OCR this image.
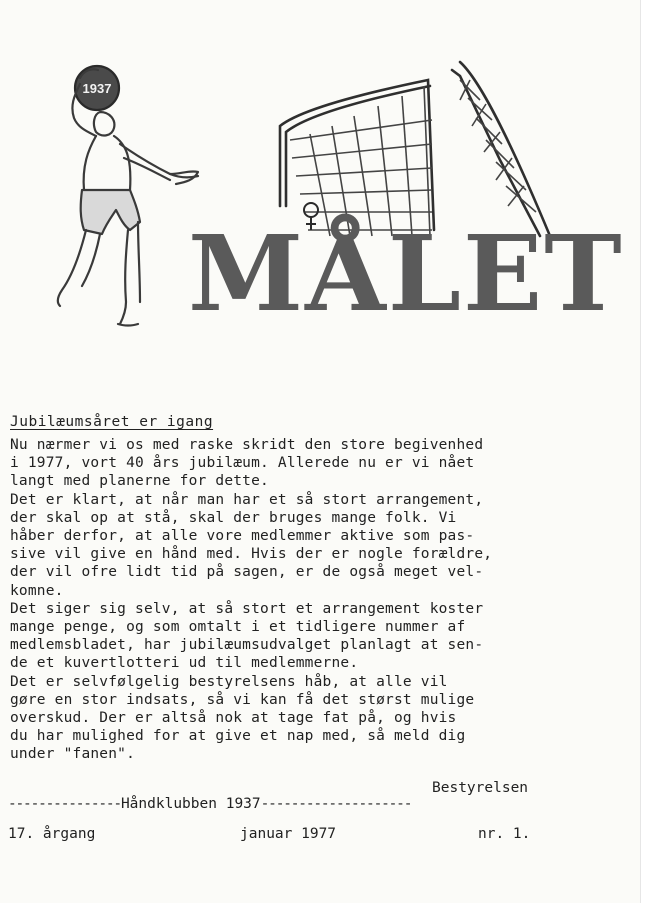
1937
MÅLET
Jubilæumsåret er igang
Nu nærmer vi os med raske skridt den store begivenhed
i 1977, vort 40 års jubilæum. Allerede nu er vi nået
langt med planerne for dette.
Det er klart, at når man har et så stort arrangement,
der skal op at stå, skal der bruges mange folk. Vi
håber derfor, at alle vore medlemmer aktive som pas-
sive vil give en hånd med. Hvis der er nogle forældre,
der vil ofre lidt tid på sagen, er de også meget vel-
komne.
Det siger sig selv, at så stort et arrangement koster
mange penge, og som omtalt i et tidligere nummer af
medlemsbladet, har jubilæumsudvalget planlagt at sen-
de et kuvertlotteri ud til medlemmerne.
Det er selvfølgelig bestyrelsens håb, at alle vil
gøre en stor indsats, så vi kan få det størst mulige
overskud. Der er altså nok at tage fat på, og hvis
du har mulighed for at give et nap med, så meld dig
under "fanen".
Bestyrelsen
---------------Håndklubben 1937--------------------
17. årgang	januar 1977	nr. 1.
